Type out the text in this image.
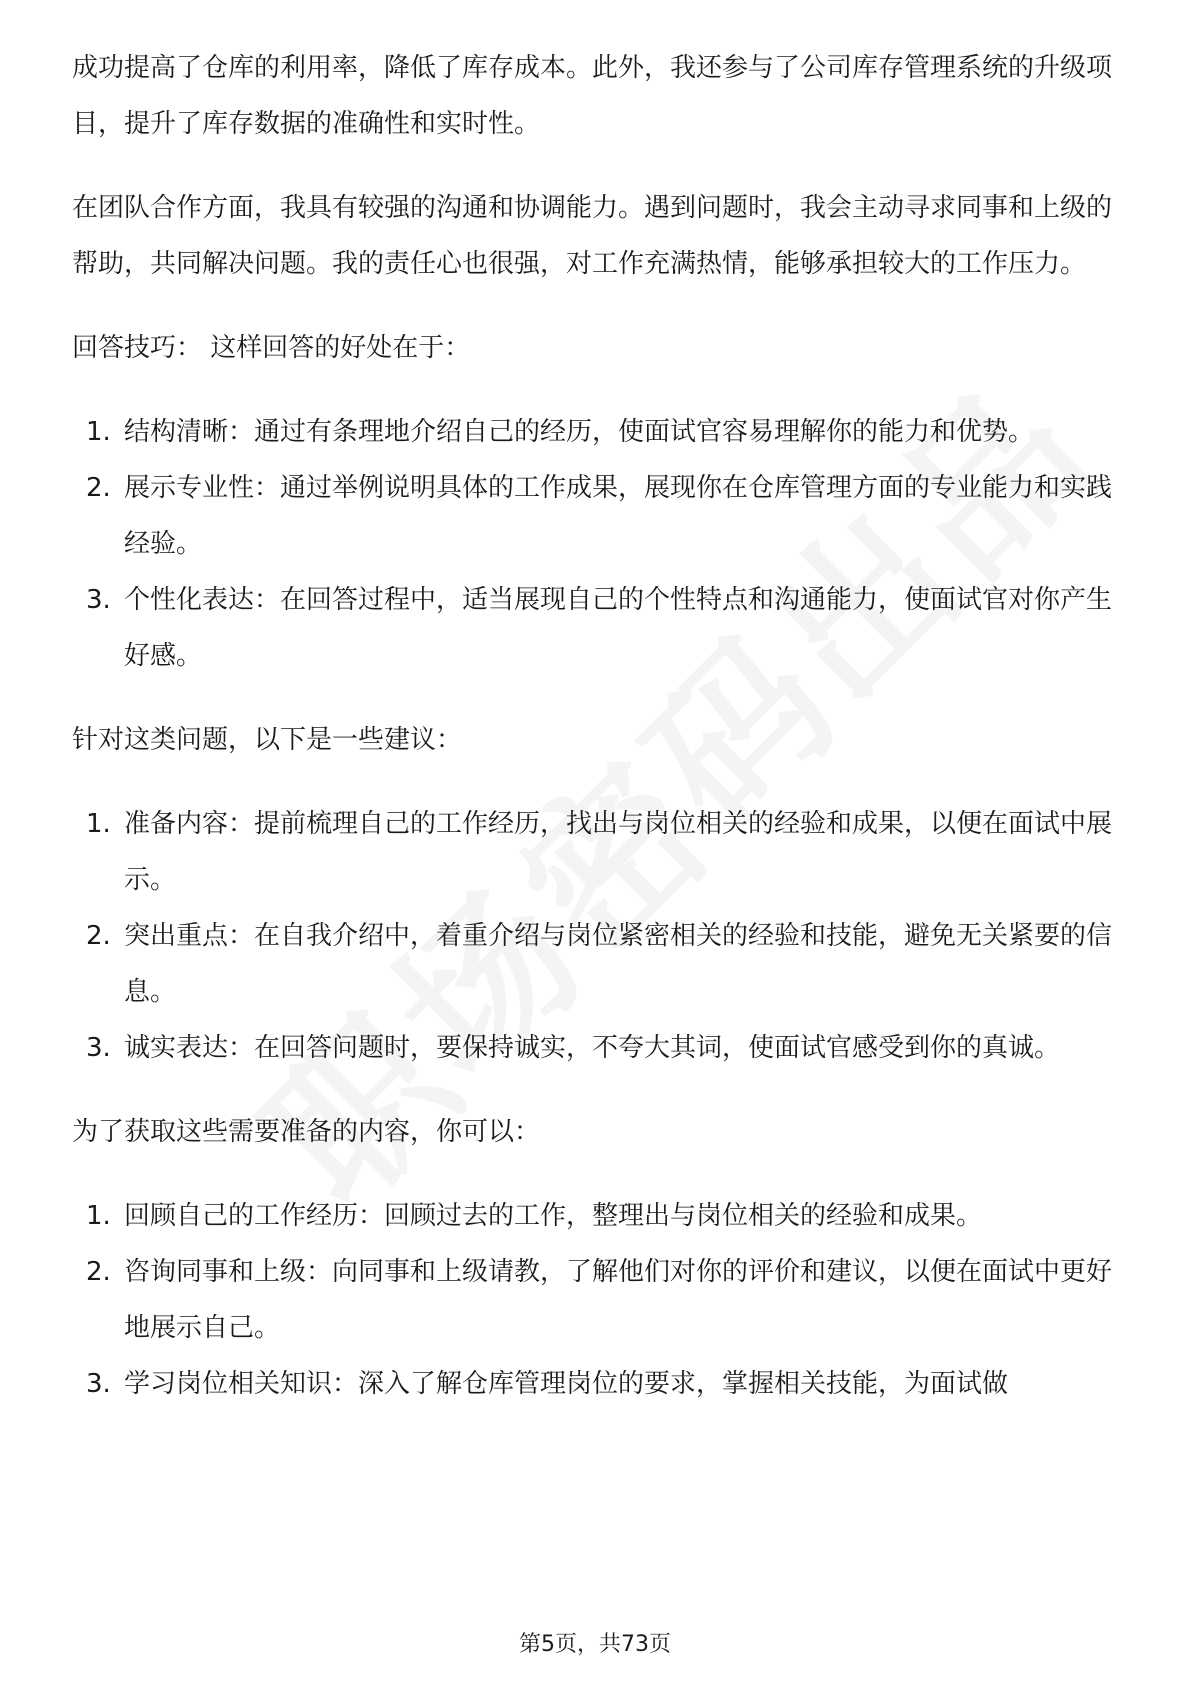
成功提高了仓库的利用率，降低了库存成本。此外，我还参与了公司库存管理系统的升级项目，提升了库存数据的准确性和实时性。

在团队合作方面，我具有较强的沟通和协调能力。遇到问题时，我会主动寻求同事和上级的帮助，共同解决问题。我的责任心也很强，对工作充满热情，能够承担较大的工作压力。

回答技巧： 这样回答的好处在于：

1. 结构清晰：通过有条理地介绍自己的经历，使面试官容易理解你的能力和优势。
2. 展示专业性：通过举例说明具体的工作成果，展现你在仓库管理方面的专业能力和实践经验。
3. 个性化表达：在回答过程中，适当展现自己的个性特点和沟通能力，使面试官对你产生好感。

针对这类问题，以下是一些建议：

1. 准备内容：提前梳理自己的工作经历，找出与岗位相关的经验和成果，以便在面试中展示。
2. 突出重点：在自我介绍中，着重介绍与岗位紧密相关的经验和技能，避免无关紧要的信息。
3. 诚实表达：在回答问题时，要保持诚实，不夸大其词，使面试官感受到你的真诚。

为了获取这些需要准备的内容，你可以：

1. 回顾自己的工作经历：回顾过去的工作，整理出与岗位相关的经验和成果。
2. 咨询同事和上级：向同事和上级请教，了解他们对你的评价和建议，以便在面试中更好地展示自己。
3. 学习岗位相关知识：深入了解仓库管理岗位的要求，掌握相关技能，为面试做
第5页，共73页
